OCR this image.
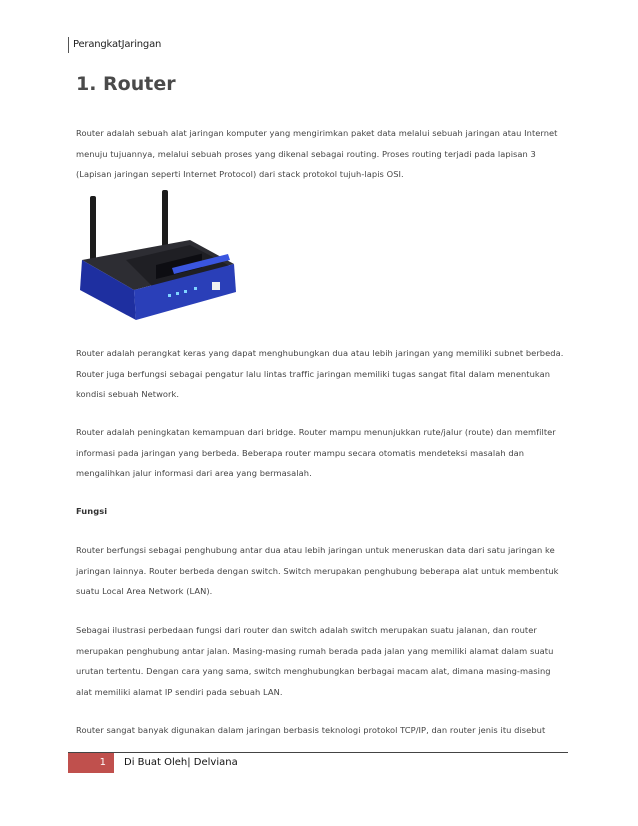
PerangkatJaringan
1. Router

Router adalah sebuah alat jaringan komputer yang mengirimkan paket data melalui sebuah jaringan atau Internet menuju tujuannya, melalui sebuah proses yang dikenal sebagai routing. Proses routing terjadi pada lapisan 3 (Lapisan jaringan seperti Internet Protocol) dari stack protokol tujuh-lapis OSI.

Router adalah perangkat keras yang dapat menghubungkan dua atau lebih jaringan yang memiliki subnet berbeda. Router juga berfungsi sebagai pengatur lalu lintas traffic jaringan memiliki tugas sangat fital dalam menentukan kondisi sebuah Network.

Router adalah peningkatan kemampuan dari bridge. Router mampu menunjukkan rute/jalur (route) dan memfilter informasi pada jaringan yang berbeda. Beberapa router mampu secara otomatis mendeteksi masalah dan mengalihkan jalur informasi dari area yang bermasalah.

Fungsi

Router berfungsi sebagai penghubung antar dua atau lebih jaringan untuk meneruskan data dari satu jaringan ke jaringan lainnya. Router berbeda dengan switch. Switch merupakan penghubung beberapa alat untuk membentuk suatu Local Area Network (LAN).

Sebagai ilustrasi perbedaan fungsi dari router dan switch adalah switch merupakan suatu jalanan, dan router merupakan penghubung antar jalan. Masing-masing rumah berada pada jalan yang memiliki alamat dalam suatu urutan tertentu. Dengan cara yang sama, switch menghubungkan berbagai macam alat, dimana masing-masing alat memiliki alamat IP sendiri pada sebuah LAN.

Router sangat banyak digunakan dalam jaringan berbasis teknologi protokol TCP/IP, dan router jenis itu disebut

1	Di Buat Oleh| Delviana
